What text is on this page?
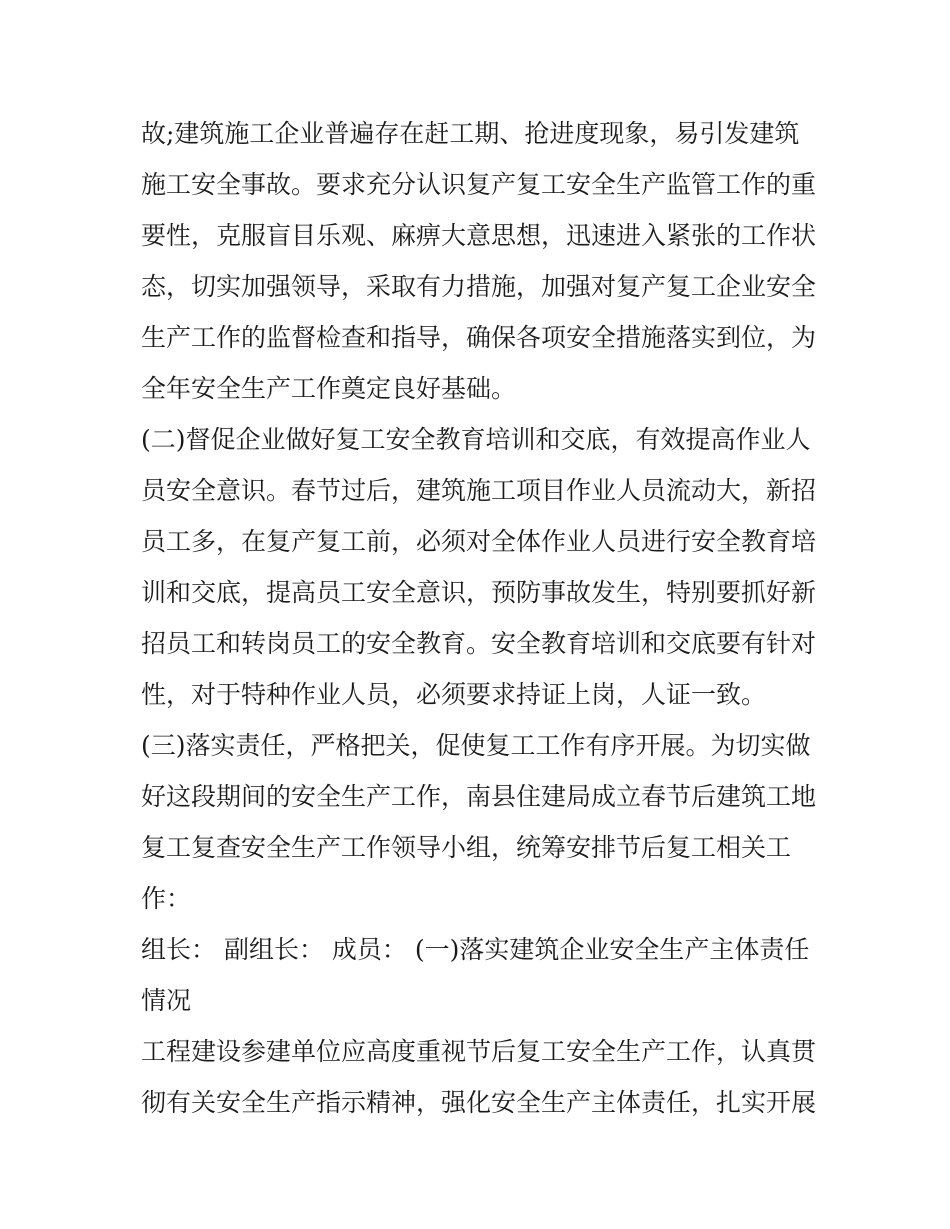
故;建筑施工企业普遍存在赶工期、抢进度现象，易引发建筑
施工安全事故。要求充分认识复产复工安全生产监管工作的重
要性，克服盲目乐观、麻痹大意思想，迅速进入紧张的工作状
态，切实加强领导，采取有力措施，加强对复产复工企业安全
生产工作的监督检查和指导，确保各项安全措施落实到位，为
全年安全生产工作奠定良好基础。
(二)督促企业做好复工安全教育培训和交底，有效提高作业人
员安全意识。春节过后，建筑施工项目作业人员流动大，新招
员工多，在复产复工前，必须对全体作业人员进行安全教育培
训和交底，提高员工安全意识，预防事故发生，特别要抓好新
招员工和转岗员工的安全教育。安全教育培训和交底要有针对
性，对于特种作业人员，必须要求持证上岗，人证一致。
(三)落实责任，严格把关，促使复工工作有序开展。为切实做
好这段期间的安全生产工作，南县住建局成立春节后建筑工地
复工复查安全生产工作领导小组，统筹安排节后复工相关工
作：
组长： 副组长： 成员： (一)落实建筑企业安全生产主体责任
情况
工程建设参建单位应高度重视节后复工安全生产工作，认真贯
彻有关安全生产指示精神，强化安全生产主体责任，扎实开展
